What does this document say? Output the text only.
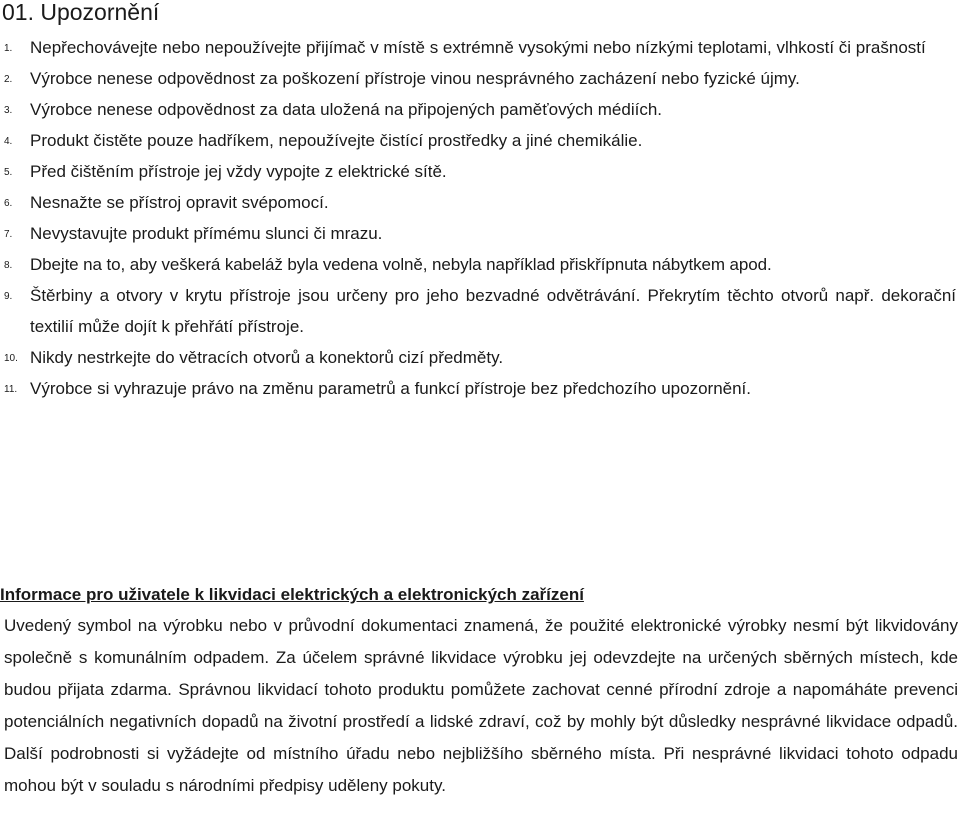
01. Upozornění
1. Nepřechovávejte nebo nepoužívejte přijímač v místě s extrémně vysokými nebo nízkými teplotami, vlhkostí či prašností
2. Výrobce nenese odpovědnost za poškození přístroje vinou nesprávného zacházení nebo fyzické újmy.
3. Výrobce nenese odpovědnost za data uložená na připojených paměťových médiích.
4. Produkt čistěte pouze hadříkem, nepoužívejte čistící prostředky a jiné chemikálie.
5. Před čištěním přístroje jej vždy vypojte z elektrické sítě.
6. Nesnažte se přístroj opravit svépomocí.
7. Nevystavujte produkt přímému slunci či mrazu.
8. Dbejte na to, aby veškerá kabeláž byla vedena volně, nebyla například přiskřípnuta nábytkem apod.
9. Štěrbiny a otvory v krytu přístroje jsou určeny pro jeho bezvadné odvětrávání. Překrytím těchto otvorů např. dekorační textilií může dojít k přehřátí přístroje.
10. Nikdy nestrkejte do větracích otvorů a konektorů cizí předměty.
11. Výrobce si vyhrazuje právo na změnu parametrů a funkcí přístroje bez předchozího upozornění.
Informace pro uživatele k likvidaci elektrických a elektronických zařízení

Uvedený symbol na výrobku nebo v průvodní dokumentaci znamená, že použité elektronické výrobky nesmí být likvidovány společně s komunálním odpadem. Za účelem správné likvidace výrobku jej odevzdejte na určených sběrných místech, kde budou přijata zdarma. Správnou likvidací tohoto produktu pomůžete zachovat cenné přírodní zdroje a napomáháte prevenci potenciálních negativních dopadů na životní prostředí a lidské zdraví, což by mohly být důsledky nesprávné likvidace odpadů. Další podrobnosti si vyžádejte od místního úřadu nebo nejbližšího sběrného místa. Při nesprávné likvidaci tohoto odpadu mohou být v souladu s národními předpisy uděleny pokuty.
